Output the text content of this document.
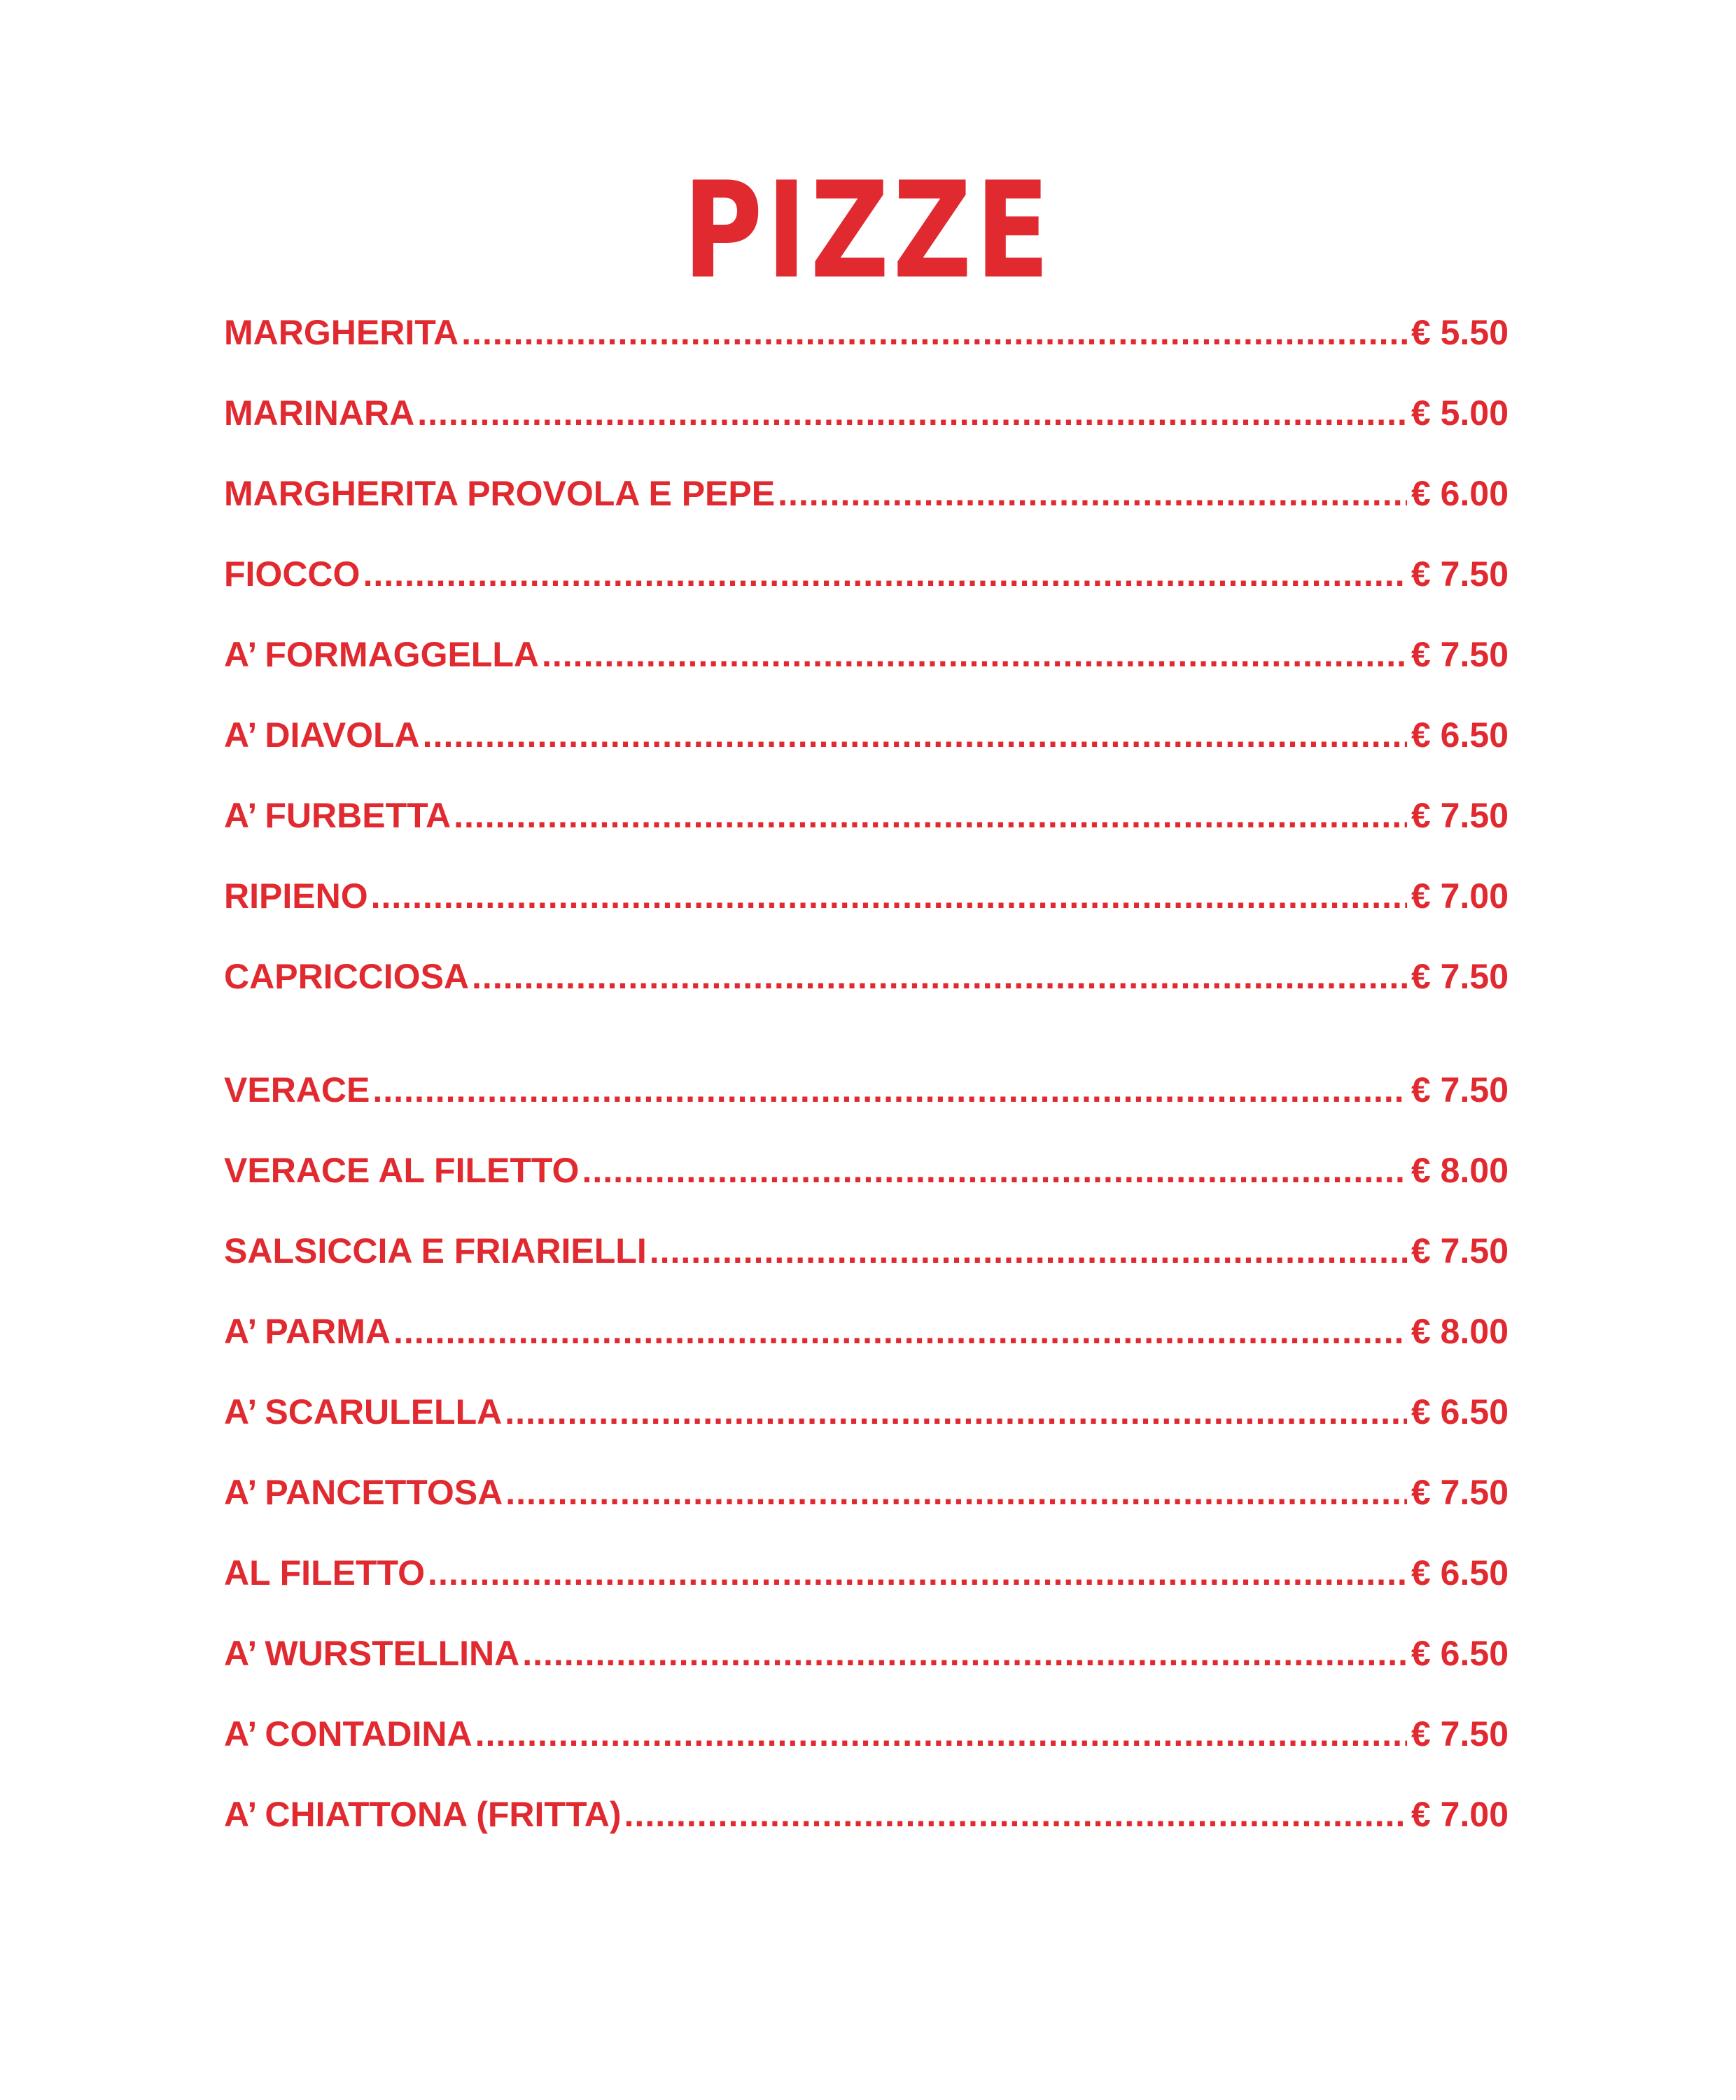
PIZZE
MARGHERITA .....	€ 5.50
MARINARA .....	€ 5.00
MARGHERITA PROVOLA E PEPE .....	€ 6.00
FIOCCO .....	€ 7.50
A’ FORMAGGELLA .....	€ 7.50
A’ DIAVOLA .....	€ 6.50
A’ FURBETTA .....	€ 7.50
RIPIENO .....	€ 7.00
CAPRICCIOSA .....	€ 7.50
VERACE .....	€ 7.50
VERACE AL FILETTO .....	€ 8.00
SALSICCIA E FRIARIELLI .....	€ 7.50
A’ PARMA .....	€ 8.00
A’ SCARULELLA .....	€ 6.50
A’ PANCETTOSA .....	€ 7.50
AL FILETTO .....	€ 6.50
A’ WURSTELLINA .....	€ 6.50
A’ CONTADINA .....	€ 7.50
A’ CHIATTONA (FRITTA) .....	€ 7.00
